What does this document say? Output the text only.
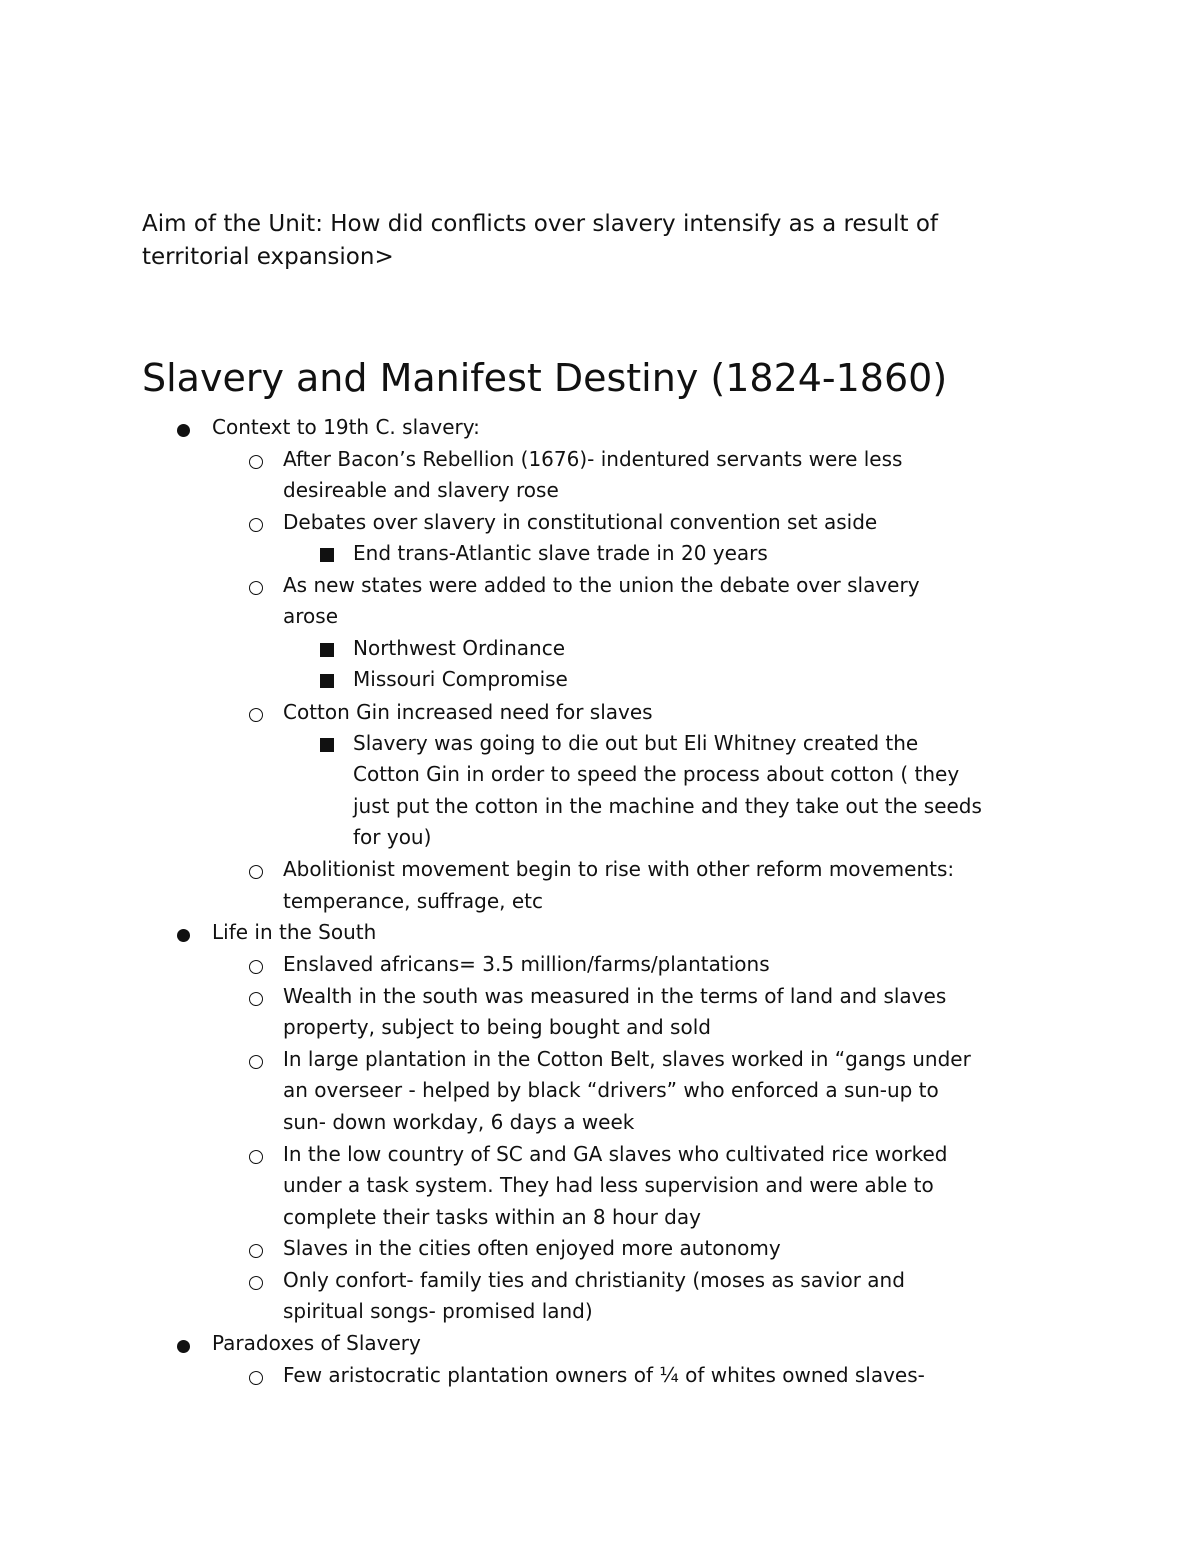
Aim of the Unit: How did conflicts over slavery intensify as a result of
territorial expansion>
Slavery and Manifest Destiny (1824-1860)
Context to 19th C. slavery:
After Bacon’s Rebellion (1676)- indentured servants were less
desireable and slavery rose
Debates over slavery in constitutional convention set aside
End trans-Atlantic slave trade in 20 years
As new states were added to the union the debate over slavery
arose
Northwest Ordinance
Missouri Compromise
Cotton Gin increased need for slaves
Slavery was going to die out but Eli Whitney created the
Cotton Gin in order to speed the process about cotton ( they
just put the cotton in the machine and they take out the seeds
for you)
Abolitionist movement begin to rise with other reform movements:
temperance, suffrage, etc
Life in the South
Enslaved africans= 3.5 million/farms/plantations
Wealth in the south was measured in the terms of land and slaves
property, subject to being bought and sold
In large plantation in the Cotton Belt, slaves worked in “gangs under
an overseer - helped by black “drivers” who enforced a sun-up to
sun- down workday, 6 days a week
In the low country of SC and GA slaves who cultivated rice worked
under a task system. They had less supervision and were able to
complete their tasks within an 8 hour day
Slaves in the cities often enjoyed more autonomy
Only confort- family ties and christianity (moses as savior and
spiritual songs- promised land)
Paradoxes of Slavery
Few aristocratic plantation owners of ¼ of whites owned slaves-
